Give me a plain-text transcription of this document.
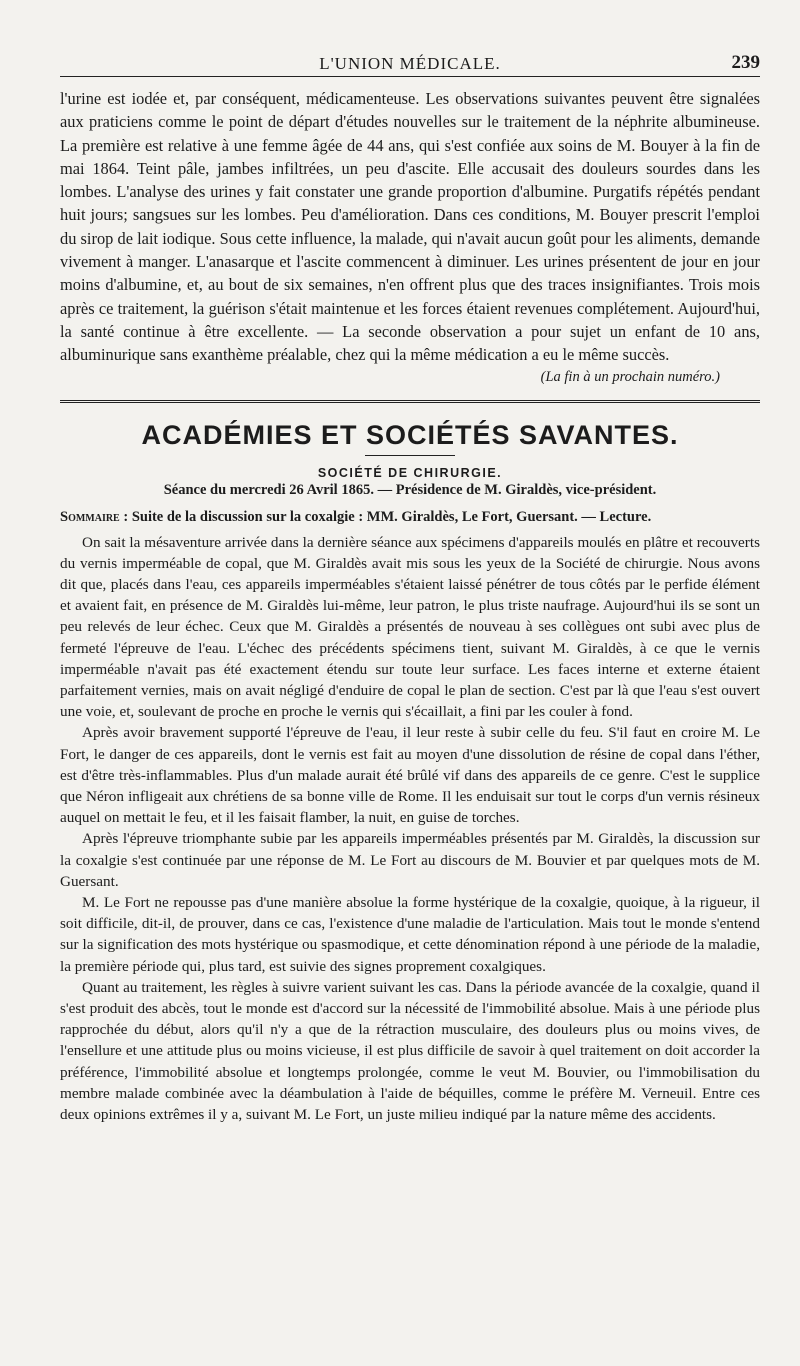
L'UNION MÉDICALE.	239

l'urine est iodée et, par conséquent, médicamenteuse. Les observations suivantes peuvent être signalées aux praticiens comme le point de départ d'études nouvelles sur le traitement de la néphrite albumineuse. La première est relative à une femme âgée de 44 ans, qui s'est confiée aux soins de M. Bouyer à la fin de mai 1864. Teint pâle, jambes infiltrées, un peu d'ascite. Elle accusait des douleurs sourdes dans les lombes. L'analyse des urines y fait constater une grande proportion d'albumine. Purgatifs répétés pendant huit jours; sangsues sur les lombes. Peu d'amélioration. Dans ces conditions, M. Bouyer prescrit l'emploi du sirop de lait iodique. Sous cette influence, la malade, qui n'avait aucun goût pour les aliments, demande vivement à manger. L'anasarque et l'ascite commencent à diminuer. Les urines présentent de jour en jour moins d'albumine, et, au bout de six semaines, n'en offrent plus que des traces insignifiantes. Trois mois après ce traitement, la guérison s'était maintenue et les forces étaient revenues complétement. Aujourd'hui, la santé continue à être excellente. — La seconde observation a pour sujet un enfant de 10 ans, albuminurique sans exanthème préalable, chez qui la même médication a eu le même succès.

(La fin à un prochain numéro.)
ACADÉMIES ET SOCIÉTÉS SAVANTES.
SOCIÉTÉ DE CHIRURGIE.
Séance du mercredi 26 Avril 1865. — Présidence de M. Giraldès, vice-président.
Sommaire : Suite de la discussion sur la coxalgie : MM. Giraldès, Le Fort, Guersant. — Lecture.

On sait la mésaventure arrivée dans la dernière séance aux spécimens d'appareils moulés en plâtre et recouverts du vernis imperméable de copal, que M. Giraldès avait mis sous les yeux de la Société de chirurgie. Nous avons dit que, placés dans l'eau, ces appareils imperméables s'étaient laissé pénétrer de tous côtés par le perfide élément et avaient fait, en présence de M. Giraldès lui-même, leur patron, le plus triste naufrage. Aujourd'hui ils se sont un peu relevés de leur échec. Ceux que M. Giraldès a présentés de nouveau à ses collègues ont subi avec plus de fermeté l'épreuve de l'eau. L'échec des précédents spécimens tient, suivant M. Giraldès, à ce que le vernis imperméable n'avait pas été exactement étendu sur toute leur surface. Les faces interne et externe étaient parfaitement vernies, mais on avait négligé d'enduire de copal le plan de section. C'est par là que l'eau s'est ouvert une voie, et, soulevant de proche en proche le vernis qui s'écaillait, a fini par les couler à fond.

Après avoir bravement supporté l'épreuve de l'eau, il leur reste à subir celle du feu. S'il faut en croire M. Le Fort, le danger de ces appareils, dont le vernis est fait au moyen d'une dissolution de résine de copal dans l'éther, est d'être très-inflammables. Plus d'un malade aurait été brûlé vif dans des appareils de ce genre. C'est le supplice que Néron infligeait aux chrétiens de sa bonne ville de Rome. Il les enduisait sur tout le corps d'un vernis résineux auquel on mettait le feu, et il les faisait flamber, la nuit, en guise de torches.

Après l'épreuve triomphante subie par les appareils imperméables présentés par M. Giraldès, la discussion sur la coxalgie s'est continuée par une réponse de M. Le Fort au discours de M. Bouvier et par quelques mots de M. Guersant.

M. Le Fort ne repousse pas d'une manière absolue la forme hystérique de la coxalgie, quoique, à la rigueur, il soit difficile, dit-il, de prouver, dans ce cas, l'existence d'une maladie de l'articulation. Mais tout le monde s'entend sur la signification des mots hystérique ou spasmodique, et cette dénomination répond à une période de la maladie, la première période qui, plus tard, est suivie des signes proprement coxalgiques.

Quant au traitement, les règles à suivre varient suivant les cas. Dans la période avancée de la coxalgie, quand il s'est produit des abcès, tout le monde est d'accord sur la nécessité de l'immobilité absolue. Mais à une période plus rapprochée du début, alors qu'il n'y a que de la rétraction musculaire, des douleurs plus ou moins vives, de l'ensellure et une attitude plus ou moins vicieuse, il est plus difficile de savoir à quel traitement on doit accorder la préférence, l'immobilité absolue et longtemps prolongée, comme le veut M. Bouvier, ou l'immobilisation du membre malade combinée avec la déambulation à l'aide de béquilles, comme le préfère M. Verneuil. Entre ces deux opinions extrêmes il y a, suivant M. Le Fort, un juste milieu indiqué par la nature même des accidents.
